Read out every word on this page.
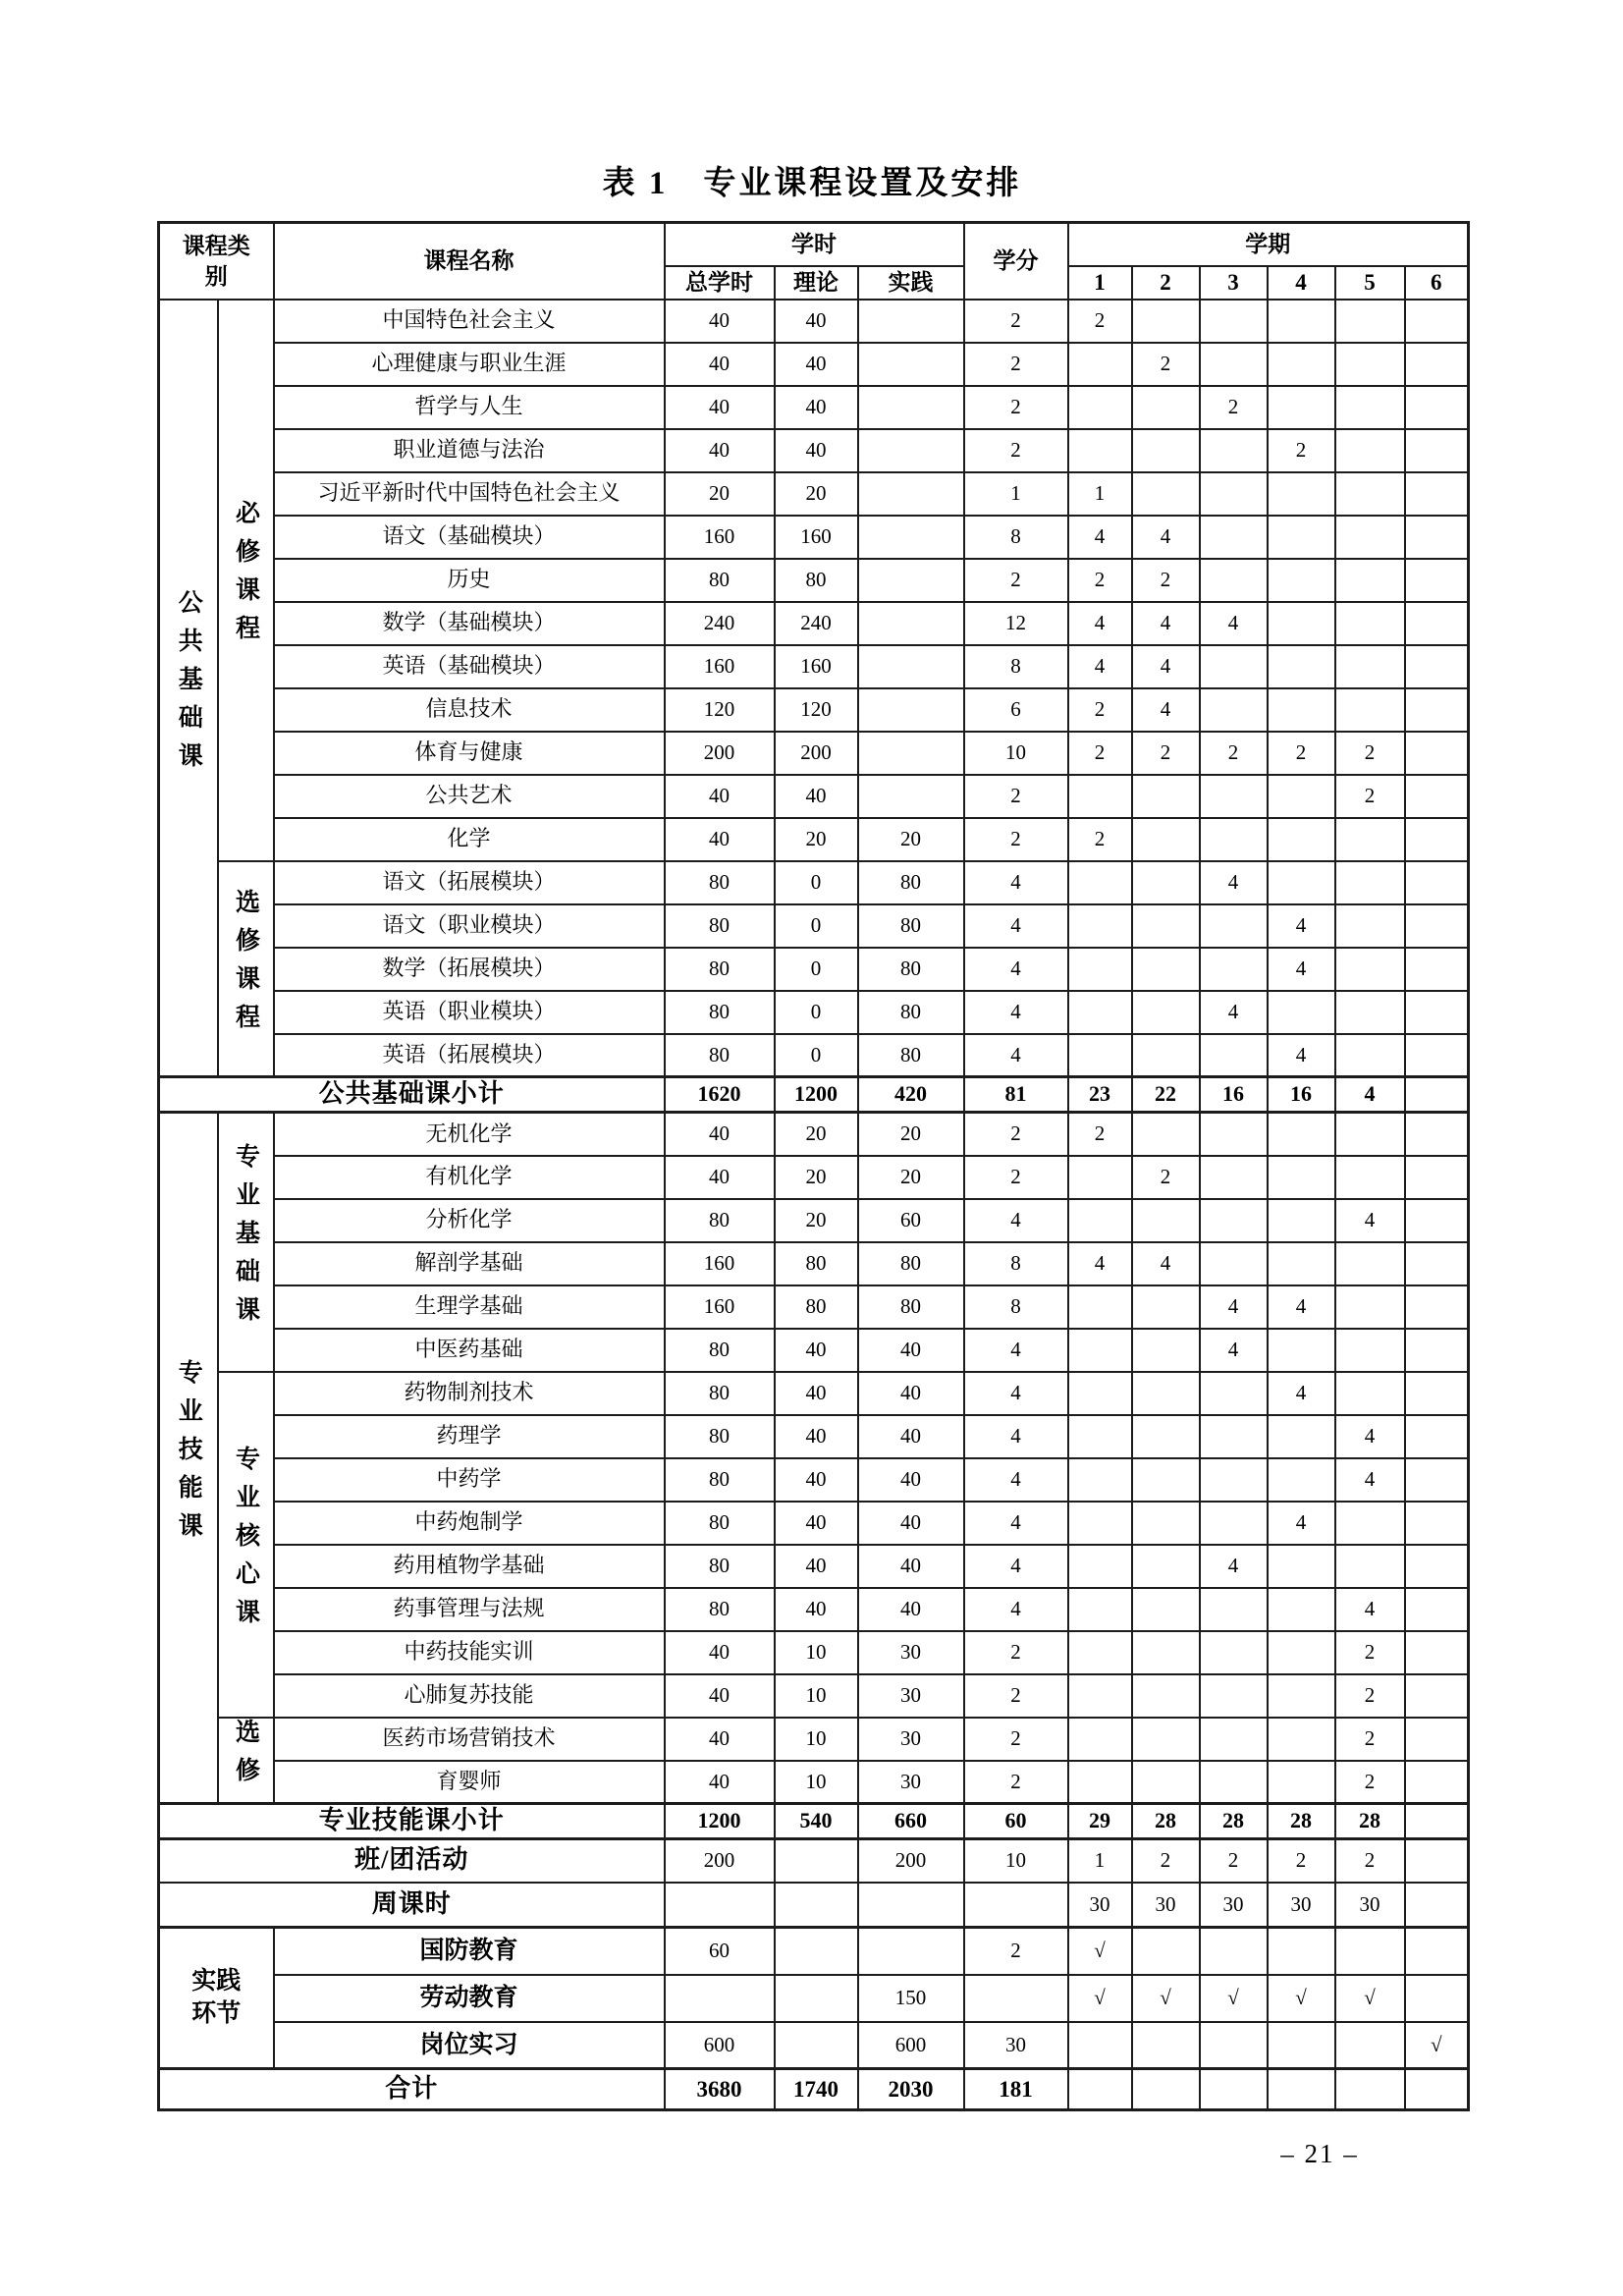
表 1　专业课程设置及安排
课程类别		课程名称	学时			学分	学期					
			总学时	理论	实践		1	2	3	4	5	6
公共基础课	必修课程	中国特色社会主义	40	40		2	2					
		心理健康与职业生涯	40	40		2		2				
		哲学与人生	40	40		2			2			
		职业道德与法治	40	40		2				2		
		习近平新时代中国特色社会主义	20	20		1	1					
		语文（基础模块）	160	160		8	4	4				
		历史	80	80		2	2	2				
		数学（基础模块）	240	240		12	4	4	4			
		英语（基础模块）	160	160		8	4	4				
		信息技术	120	120		6	2	4				
		体育与健康	200	200		10	2	2	2	2	2	
		公共艺术	40	40		2					2	
		化学	40	20	20	2	2					
	选修课程	语文（拓展模块）	80	0	80	4			4			
		语文（职业模块）	80	0	80	4				4		
		数学（拓展模块）	80	0	80	4				4		
		英语（职业模块）	80	0	80	4			4			
		英语（拓展模块）	80	0	80	4				4		
公共基础课小计			1620	1200	420	81	23	22	16	16	4	
专业技能课	专业基础课	无机化学	40	20	20	2	2					
		有机化学	40	20	20	2		2				
		分析化学	80	20	60	4					4	
		解剖学基础	160	80	80	8	4	4				
		生理学基础	160	80	80	8			4	4		
		中医药基础	80	40	40	4			4			
	专业核心课	药物制剂技术	80	40	40	4				4		
		药理学	80	40	40	4					4	
		中药学	80	40	40	4					4	
		中药炮制学	80	40	40	4				4		
		药用植物学基础	80	40	40	4			4			
		药事管理与法规	80	40	40	4					4	
		中药技能实训	40	10	30	2					2	
		心肺复苏技能	40	10	30	2					2	
	选修	医药市场营销技术	40	10	30	2					2	
		育婴师	40	10	30	2					2	
专业技能课小计			1200	540	660	60	29	28	28	28	28	
班/团活动			200		200	10	1	2	2	2	2	
周课时							30	30	30	30	30	
实践环节		国防教育	60			2	√					
		劳动教育			150		√	√	√	√	√	
		岗位实习	600		600	30						√
合计			3680	1740	2030	181						
– 21 –
